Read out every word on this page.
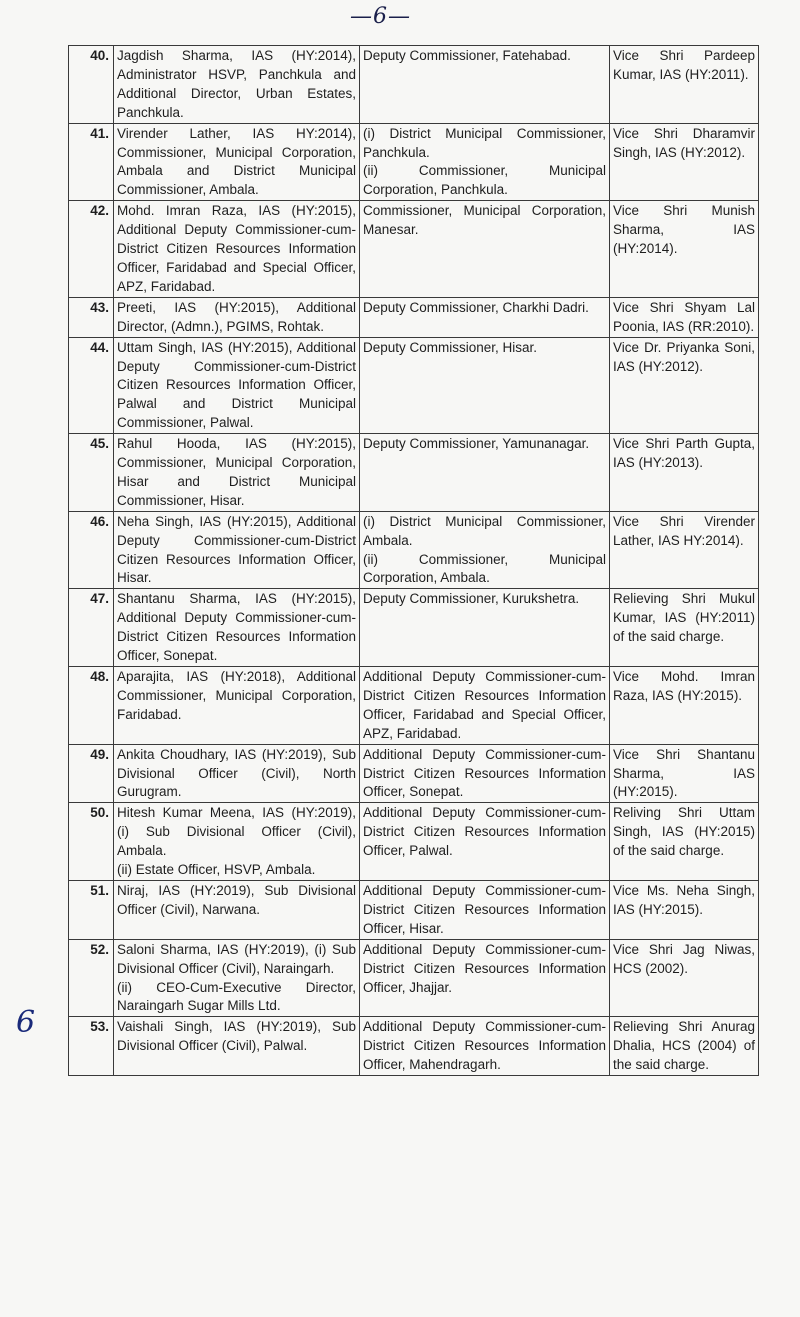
—6—
6
40.	Jagdish Sharma, IAS (HY:2014), Administrator HSVP, Panchkula and Additional Director, Urban Estates, Panchkula.	Deputy Commissioner, Fatehabad.	Vice Shri Pardeep Kumar, IAS (HY:2011).
41.	Virender Lather, IAS HY:2014), Commissioner, Municipal Corporation, Ambala and District Municipal Commissioner, Ambala.	(i) District Municipal Commissioner, Panchkula.
(ii) Commissioner, Municipal Corporation, Panchkula.	Vice Shri Dharamvir Singh, IAS (HY:2012).
42.	Mohd. Imran Raza, IAS (HY:2015), Additional Deputy Commissioner-cum-District Citizen Resources Information Officer, Faridabad and Special Officer, APZ, Faridabad.	Commissioner, Municipal Corporation, Manesar.	Vice Shri Munish Sharma, IAS (HY:2014).
43.	Preeti, IAS (HY:2015), Additional Director, (Admn.), PGIMS, Rohtak.	Deputy Commissioner, Charkhi Dadri.	Vice Shri Shyam Lal Poonia, IAS (RR:2010).
44.	Uttam Singh, IAS (HY:2015), Additional Deputy Commissioner-cum-District Citizen Resources Information Officer, Palwal and District Municipal Commissioner, Palwal.	Deputy Commissioner, Hisar.	Vice Dr. Priyanka Soni, IAS (HY:2012).
45.	Rahul Hooda, IAS (HY:2015), Commissioner, Municipal Corporation, Hisar and District Municipal Commissioner, Hisar.	Deputy Commissioner, Yamunanagar.	Vice Shri Parth Gupta, IAS (HY:2013).
46.	Neha Singh, IAS (HY:2015), Additional Deputy Commissioner-cum-District Citizen Resources Information Officer, Hisar.	(i) District Municipal Commissioner, Ambala.
(ii) Commissioner, Municipal Corporation, Ambala.	Vice Shri Virender Lather, IAS HY:2014).
47.	Shantanu Sharma, IAS (HY:2015), Additional Deputy Commissioner-cum-District Citizen Resources Information Officer, Sonepat.	Deputy Commissioner, Kurukshetra.	Relieving Shri Mukul Kumar, IAS (HY:2011) of the said charge.
48.	Aparajita, IAS (HY:2018), Additional Commissioner, Municipal Corporation, Faridabad.	Additional Deputy Commissioner-cum-District Citizen Resources Information Officer, Faridabad and Special Officer, APZ, Faridabad.	Vice Mohd. Imran Raza, IAS (HY:2015).
49.	Ankita Choudhary, IAS (HY:2019), Sub Divisional Officer (Civil), North Gurugram.	Additional Deputy Commissioner-cum-District Citizen Resources Information Officer, Sonepat.	Vice Shri Shantanu Sharma, IAS (HY:2015).
50.	Hitesh Kumar Meena, IAS (HY:2019), (i) Sub Divisional Officer (Civil), Ambala.
(ii) Estate Officer, HSVP, Ambala.	Additional Deputy Commissioner-cum-District Citizen Resources Information Officer, Palwal.	Reliving Shri Uttam Singh, IAS (HY:2015) of the said charge.
51.	Niraj, IAS (HY:2019), Sub Divisional Officer (Civil), Narwana.	Additional Deputy Commissioner-cum-District Citizen Resources Information Officer, Hisar.	Vice Ms. Neha Singh, IAS (HY:2015).
52.	Saloni Sharma, IAS (HY:2019), (i) Sub Divisional Officer (Civil), Naraingarh.
(ii) CEO-Cum-Executive Director, Naraingarh Sugar Mills Ltd.	Additional Deputy Commissioner-cum-District Citizen Resources Information Officer, Jhajjar.	Vice Shri Jag Niwas, HCS (2002).
53.	Vaishali Singh, IAS (HY:2019), Sub Divisional Officer (Civil), Palwal.	Additional Deputy Commissioner-cum-District Citizen Resources Information Officer, Mahendragarh.	Relieving Shri Anurag Dhalia, HCS (2004) of the said charge.
